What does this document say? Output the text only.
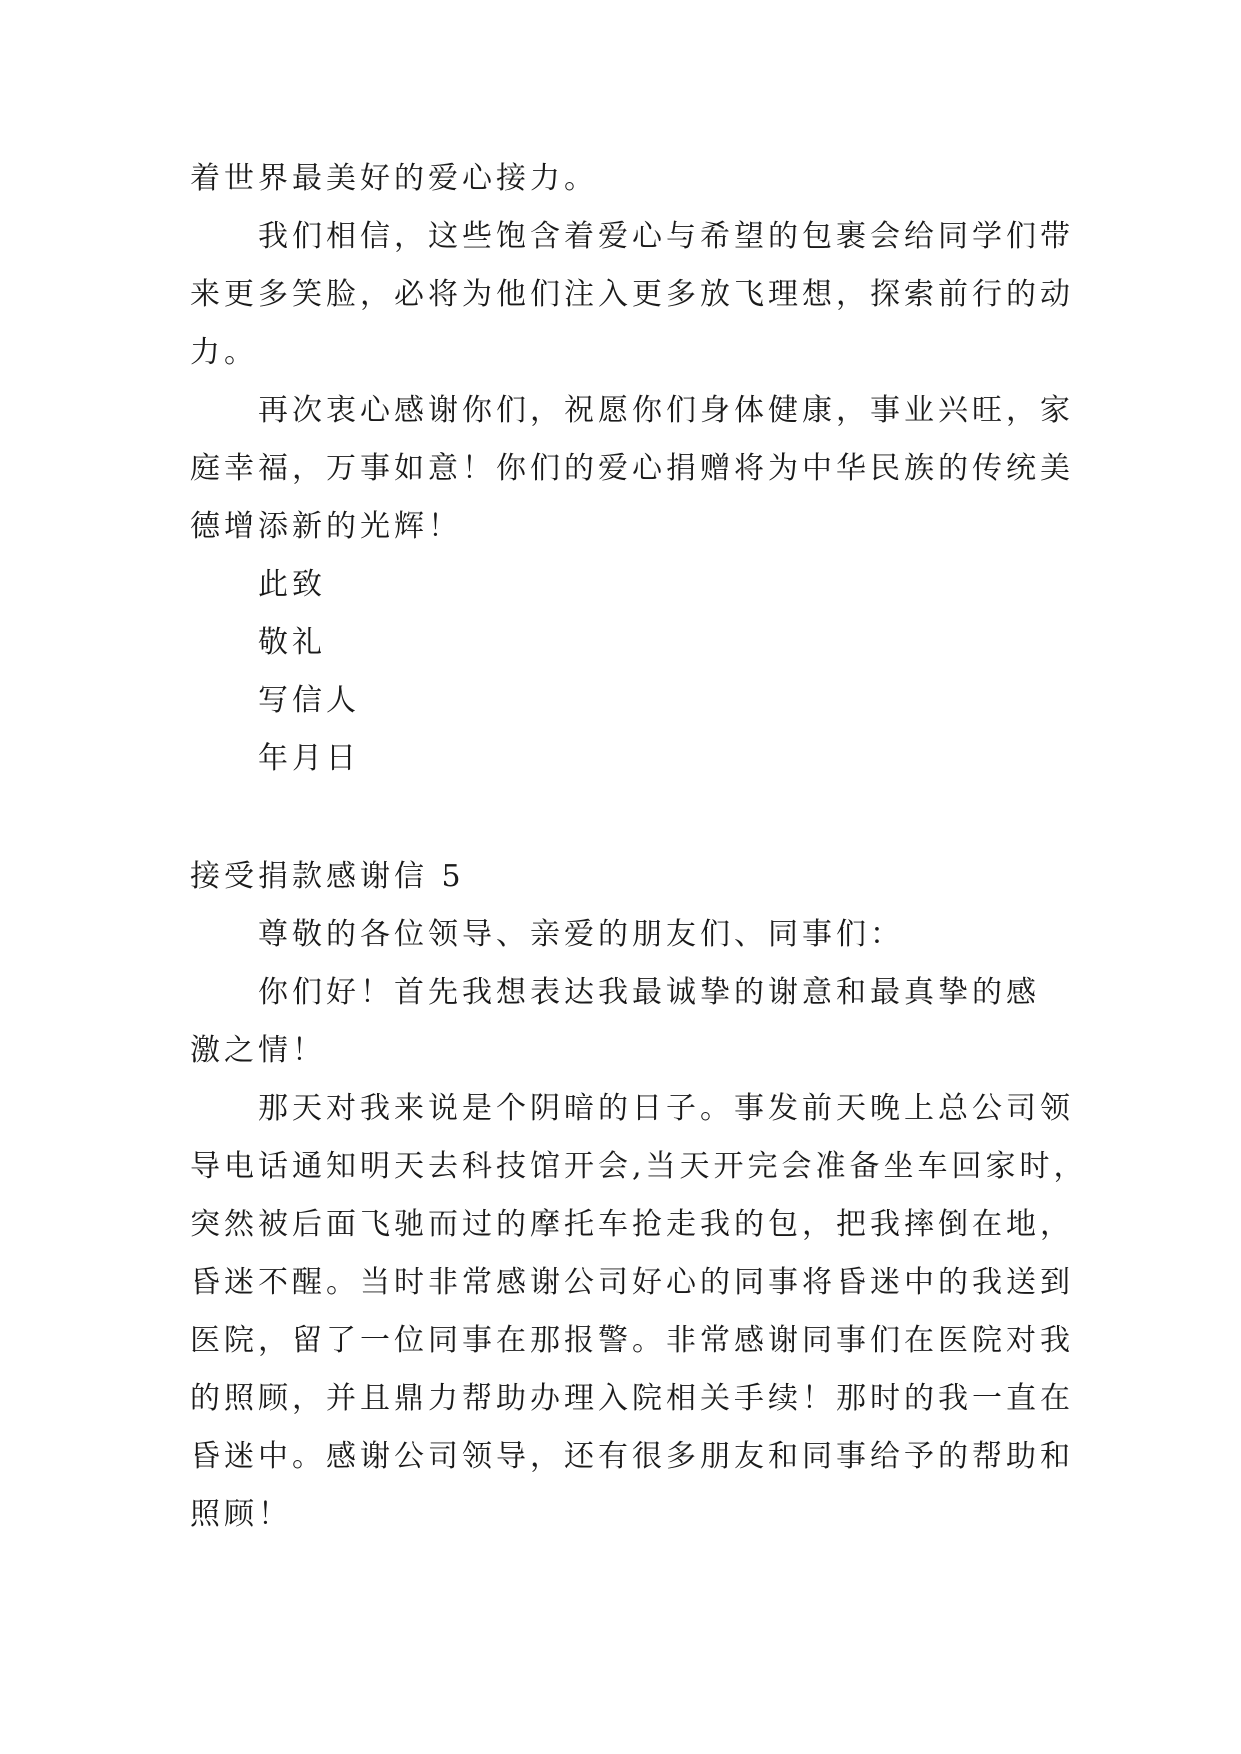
着世界最美好的爱心接力。
我们相信，这些饱含着爱心与希望的包裹会给同学们带
来更多笑脸，必将为他们注入更多放飞理想，探索前行的动
力。
再次衷心感谢你们，祝愿你们身体健康，事业兴旺，家
庭幸福，万事如意！你们的爱心捐赠将为中华民族的传统美
德增添新的光辉！
此致
敬礼
写信人
年月日
接受捐款感谢信 5
尊敬的各位领导、亲爱的朋友们、同事们：
你们好！首先我想表达我最诚挚的谢意和最真挚的感
激之情！
那天对我来说是个阴暗的日子。事发前天晚上总公司领
导电话通知明天去科技馆开会,当天开完会准备坐车回家时，
突然被后面飞驰而过的摩托车抢走我的包，把我摔倒在地，
昏迷不醒。当时非常感谢公司好心的同事将昏迷中的我送到
医院，留了一位同事在那报警。非常感谢同事们在医院对我
的照顾，并且鼎力帮助办理入院相关手续！那时的我一直在
昏迷中。感谢公司领导，还有很多朋友和同事给予的帮助和
照顾！
